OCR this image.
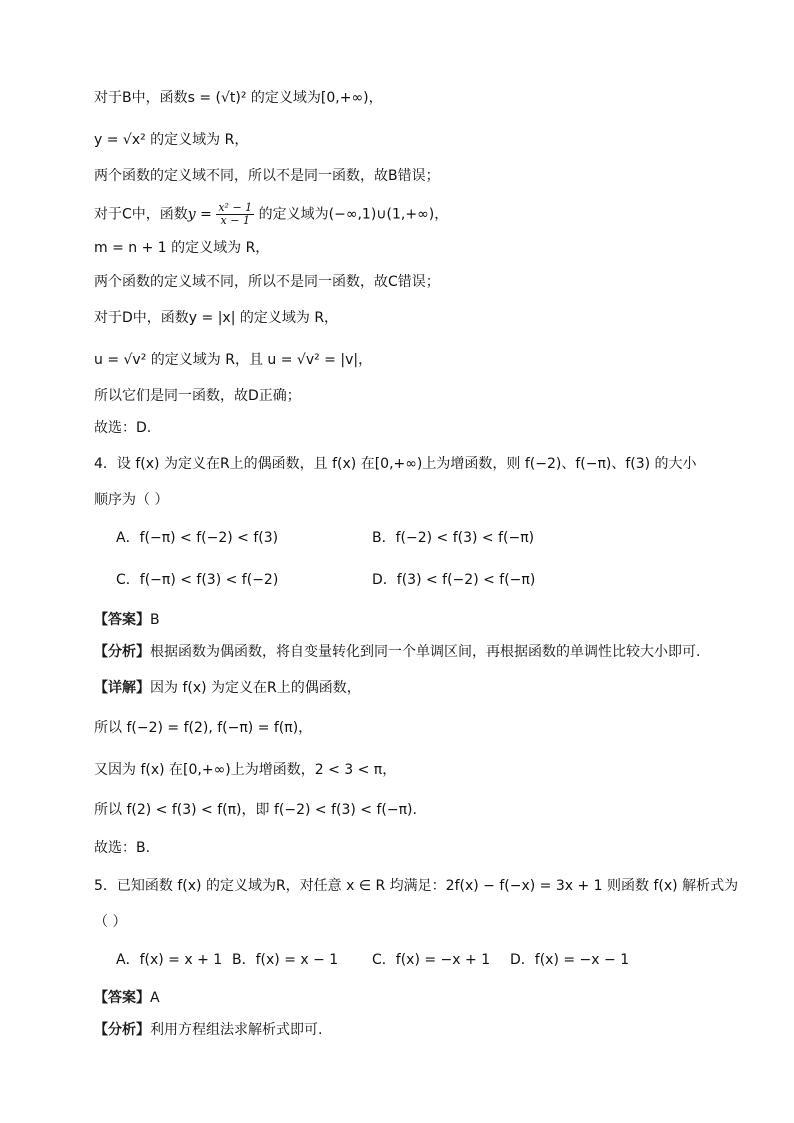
对于B中，函数s = (√t)² 的定义域为[0,+∞)，
y = √x² 的定义域为 R，
两个函数的定义域不同，所以不是同一函数，故B错误；
对于C中，函数$y = \frac{\text{x² − 1}}{x - 1}$ 的定义域为(−∞,1)∪(1,+∞)，
m = n + 1 的定义域为 R，
两个函数的定义域不同，所以不是同一函数，故C错误；
对于D中，函数y = |x| 的定义域为 R，
u = √v² 的定义域为 R，且 u = √v² = |v|，
所以它们是同一函数，故D正确；
故选：D.
4．设 f(x) 为定义在R上的偶函数，且 f(x) 在[0,+∞)上为增函数，则 f(−2)、f(−π)、f(3) 的大小
顺序为（ ）
A．f(−π) < f(−2) < f(3)	B．f(−2) < f(3) < f(−π)
C．f(−π) < f(3) < f(−2)	D．f(3) < f(−2) < f(−π)
【答案】B
【分析】根据函数为偶函数，将自变量转化到同一个单调区间，再根据函数的单调性比较大小即可.
【详解】因为 f(x) 为定义在R上的偶函数，
所以 f(−2) = f(2), f(−π) = f(π)，
又因为 f(x) 在[0,+∞)上为增函数，2 < 3 < π，
所以 f(2) < f(3) < f(π)，即 f(−2) < f(3) < f(−π).
故选：B.
5．已知函数 f(x) 的定义域为R，对任意 x ∈ R 均满足：2f(x) − f(−x) = 3x + 1 则函数 f(x) 解析式为
（ ）
A．f(x) = x + 1 B．f(x) = x − 1 C．f(x) = −x + 1 D．f(x) = −x − 1
【答案】A
【分析】利用方程组法求解析式即可.
